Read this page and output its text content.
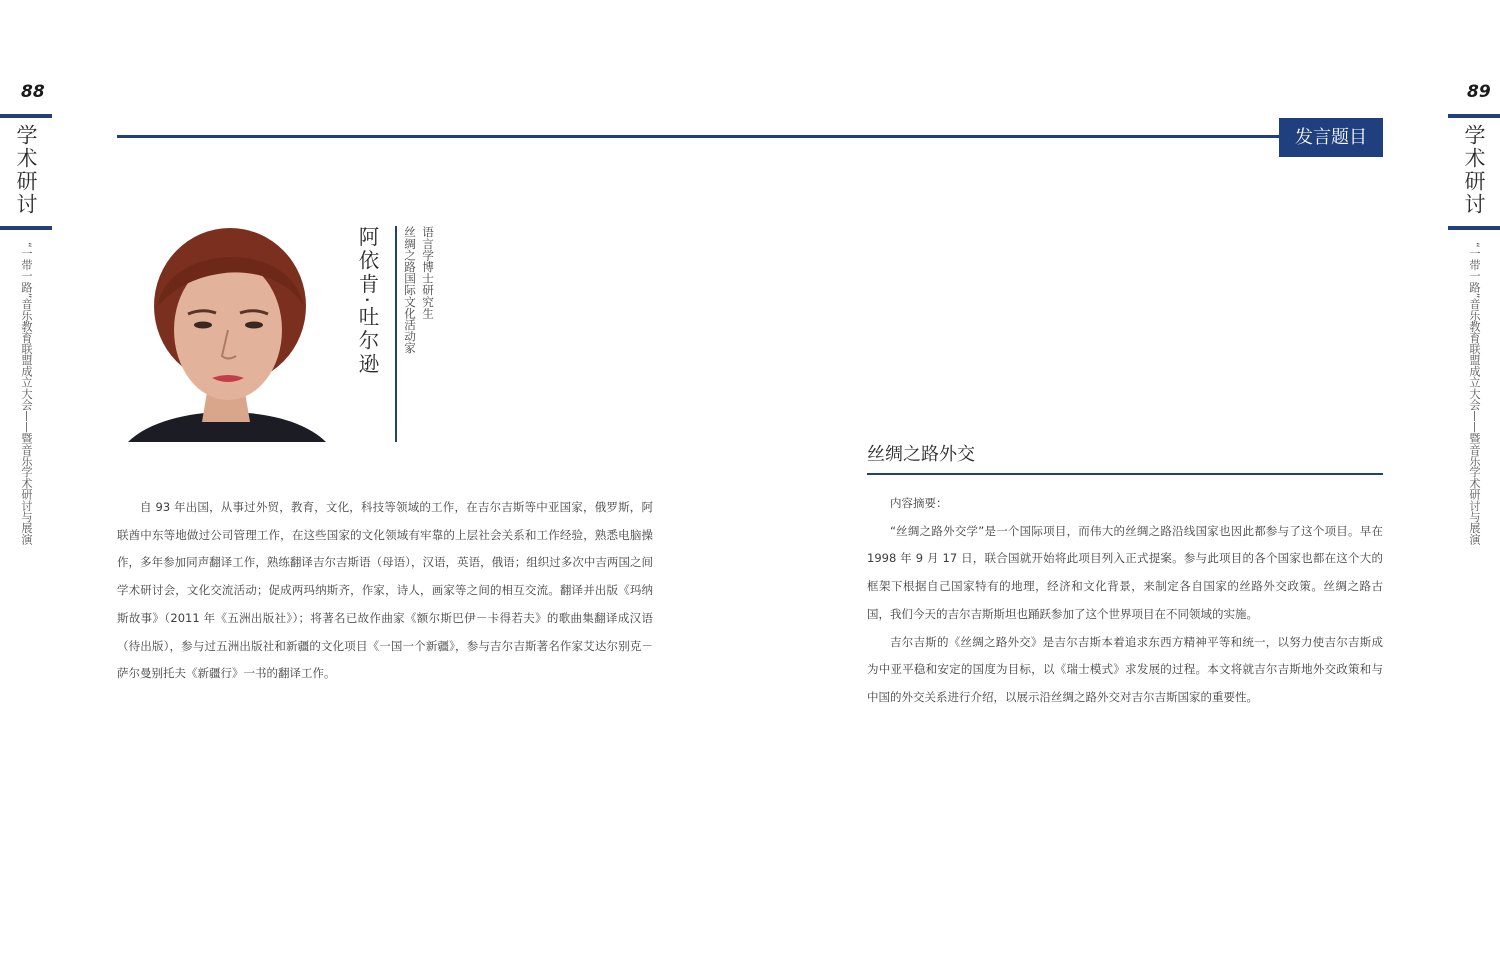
88	89
学术研讨
“一带一路”音乐教育联盟成立大会——暨音乐学术研讨与展演
学术研讨
“一带一路”音乐教育联盟成立大会——暨音乐学术研讨与展演
发言题目
阿依肯·吐尔逊	语言学博士研究生
丝绸之路国际文化活动家

自 93 年出国，从事过外贸，教育，文化，科技等领域的工作，在吉尔吉斯等中亚国家，俄罗斯，阿联酋中东等地做过公司管理工作，在这些国家的文化领域有牢靠的上层社会关系和工作经验，熟悉电脑操作，多年参加同声翻译工作，熟练翻译吉尔吉斯语（母语），汉语，英语，俄语；组织过多次中吉两国之间 学术研讨会，文化交流活动；促成两玛纳斯齐，作家，诗人，画家等之间的相互交流。翻译并出版《玛纳斯故事》（2011 年《五洲出版社》）；将著名已故作曲家《额尔斯巴伊－卡得若夫》的歌曲集翻译成汉语（待出版），参与过五洲出版社和新疆的文化项目《一国一个新疆》，参与吉尔吉斯著名作家艾达尔别克－萨尔曼别托夫《新疆行》一书的翻译工作。

丝绸之路外交

内容摘要：

“丝绸之路外交学”是一个国际项目，而伟大的丝绸之路沿线国家也因此都参与了这个项目。早在 1998 年 9 月 17 日，联合国就开始将此项目列入正式提案。参与此项目的各个国家也都在这个大的框架下根据自己国家特有的地理，经济和文化背景，来制定各自国家的丝路外交政策。丝绸之路古国，我们今天的吉尔吉斯斯坦也踊跃参加了这个世界项目在不同领域的实施。

吉尔吉斯的《丝绸之路外交》是吉尔吉斯本着追求东西方精神平等和统一，以努力使吉尔吉斯成为中亚平稳和安定的国度为目标，以《瑞士模式》求发展的过程。本文将就吉尔吉斯地外交政策和与中国的外交关系进行介绍，以展示沿丝绸之路外交对吉尔吉斯国家的重要性。
